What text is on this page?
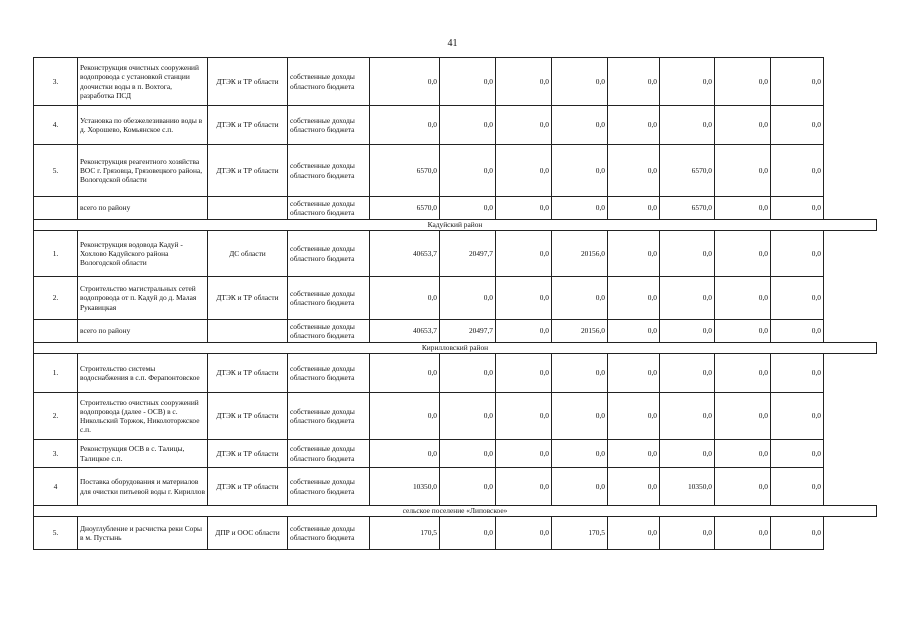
41
3.	Реконструкция очистных сооружений водопровода с установкой станции доочистки воды в п. Вохтога, разработка ПСД	ДТЭК и ТР области	собственные доходы областного бюджета	0,0	0,0	0,0	0,0	0,0	0,0	0,0	0,0
4.	Установка по обезжелезиванию воды в д. Хорошево, Комьянское с.п.	ДТЭК и ТР области	собственные доходы областного бюджета	0,0	0,0	0,0	0,0	0,0	0,0	0,0	0,0
5.	Реконструкция реагентного хозяйства ВОС г. Грязовца, Грязовецкого района, Вологодской области	ДТЭК и ТР области	собственные доходы областного бюджета	6570,0	0,0	0,0	0,0	0,0	6570,0	0,0	0,0
	всего по району		собственные доходы областного бюджета	6570,0	0,0	0,0	0,0	0,0	6570,0	0,0	0,0
Кадуйский район											
1.	Реконструкция водовода Кадуй - Хохлово Кадуйского района Вологодской области	ДС области	собственные доходы областного бюджета	40653,7	20497,7	0,0	20156,0	0,0	0,0	0,0	0,0
2.	Строительство магистральных сетей водопровода от п. Кадуй до д. Малая Рукавицкая	ДТЭК и ТР области	собственные доходы областного бюджета	0,0	0,0	0,0	0,0	0,0	0,0	0,0	0,0
	всего по району		собственные доходы областного бюджета	40653,7	20497,7	0,0	20156,0	0,0	0,0	0,0	0,0
Кирилловский район											
1.	Строительство системы водоснабжения в с.п. Ферапонтовское	ДТЭК и ТР области	собственные доходы областного бюджета	0,0	0,0	0,0	0,0	0,0	0,0	0,0	0,0
2.	Строительство очистных сооружений водопровода (далее - ОСВ) в с. Никольский Торжок, Николоторжское с.п.	ДТЭК и ТР области	собственные доходы областного бюджета	0,0	0,0	0,0	0,0	0,0	0,0	0,0	0,0
3.	Реконструкция ОСВ в с. Талицы, Талицкое с.п.	ДТЭК и ТР области	собственные доходы областного бюджета	0,0	0,0	0,0	0,0	0,0	0,0	0,0	0,0
4	Поставка оборудования и материалов для очистки питьевой воды г. Кириллов	ДТЭК и ТР области	собственные доходы областного бюджета	10350,0	0,0	0,0	0,0	0,0	10350,0	0,0	0,0
сельское поселение «Липовское»											
5.	Дноуглубление и расчистка реки Соры в м. Пустынь	ДПР и ООС области	собственные доходы областного бюджета	170,5	0,0	0,0	170,5	0,0	0,0	0,0	0,0
